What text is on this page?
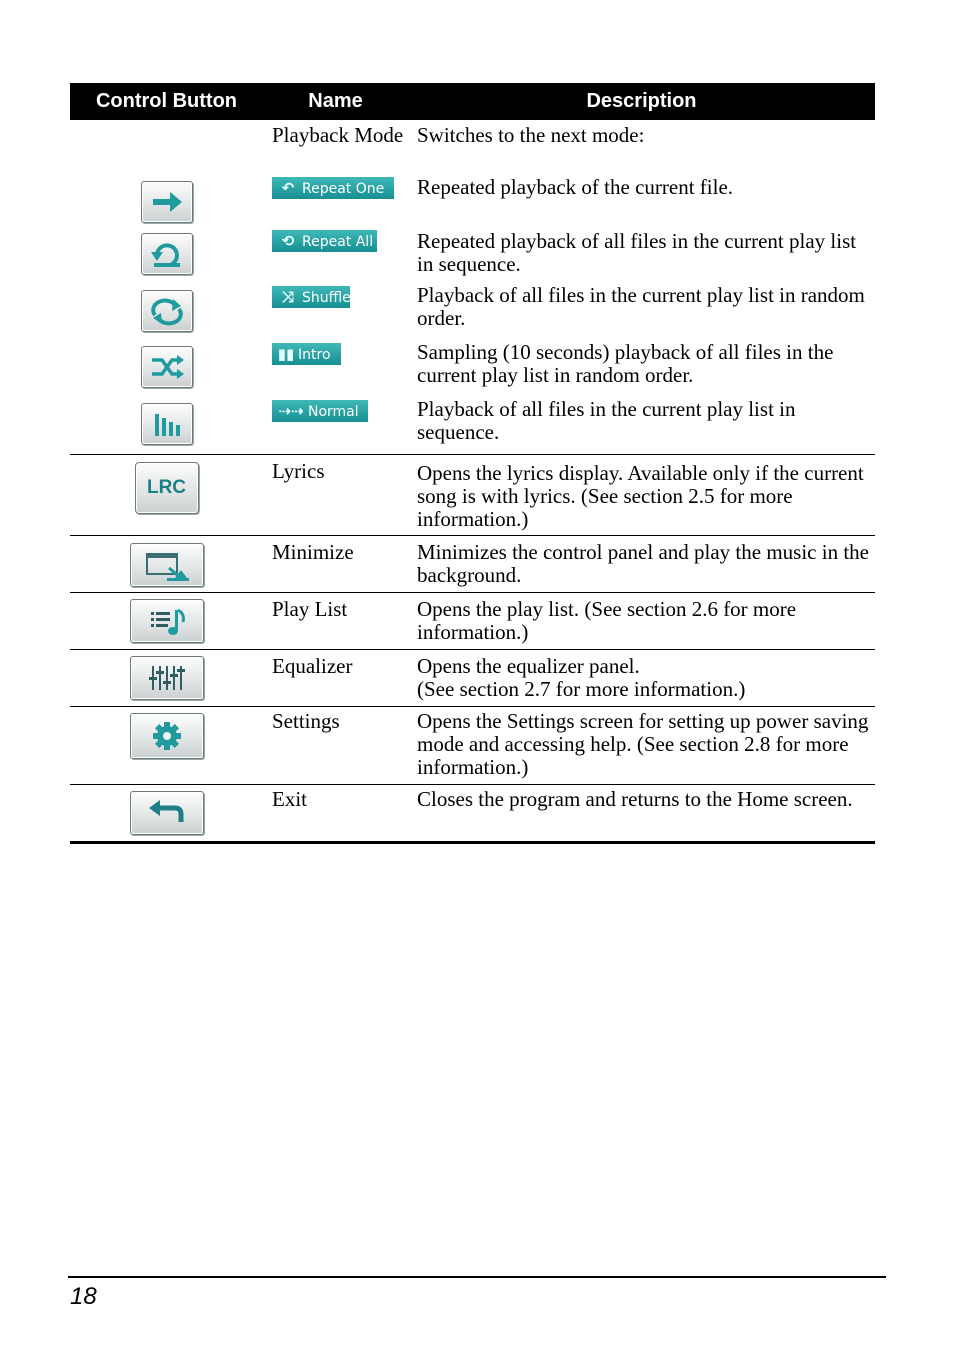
Control Button	Name	Description
	Playback Mode	Switches to the next mode:

	↶ Repeat One	Repeated playback of the current file.

	⟲ Repeat All	Repeated playback of all files in the current play list in sequence.

	⤨ Shuffle	Playback of all files in the current play list in random order.

	▮▮ Intro	Sampling (10 seconds) playback of all files in the current play list in random order.

	⇢⇢ Normal	Playback of all files in the current play list in sequence.

LRC	Lyrics	Opens the lyrics display. Available only if the current song is with lyrics. (See section 2.5 for more information.)

	Minimize	Minimizes the control panel and play the music in the background.

	Play List	Opens the play list. (See section 2.6 for more information.)

	Equalizer	Opens the equalizer panel.
(See section 2.7 for more information.)

	Settings	Opens the Settings screen for setting up power saving mode and accessing help. (See section 2.8 for more information.)

	Exit	Closes the program and returns to the Home screen.
18
